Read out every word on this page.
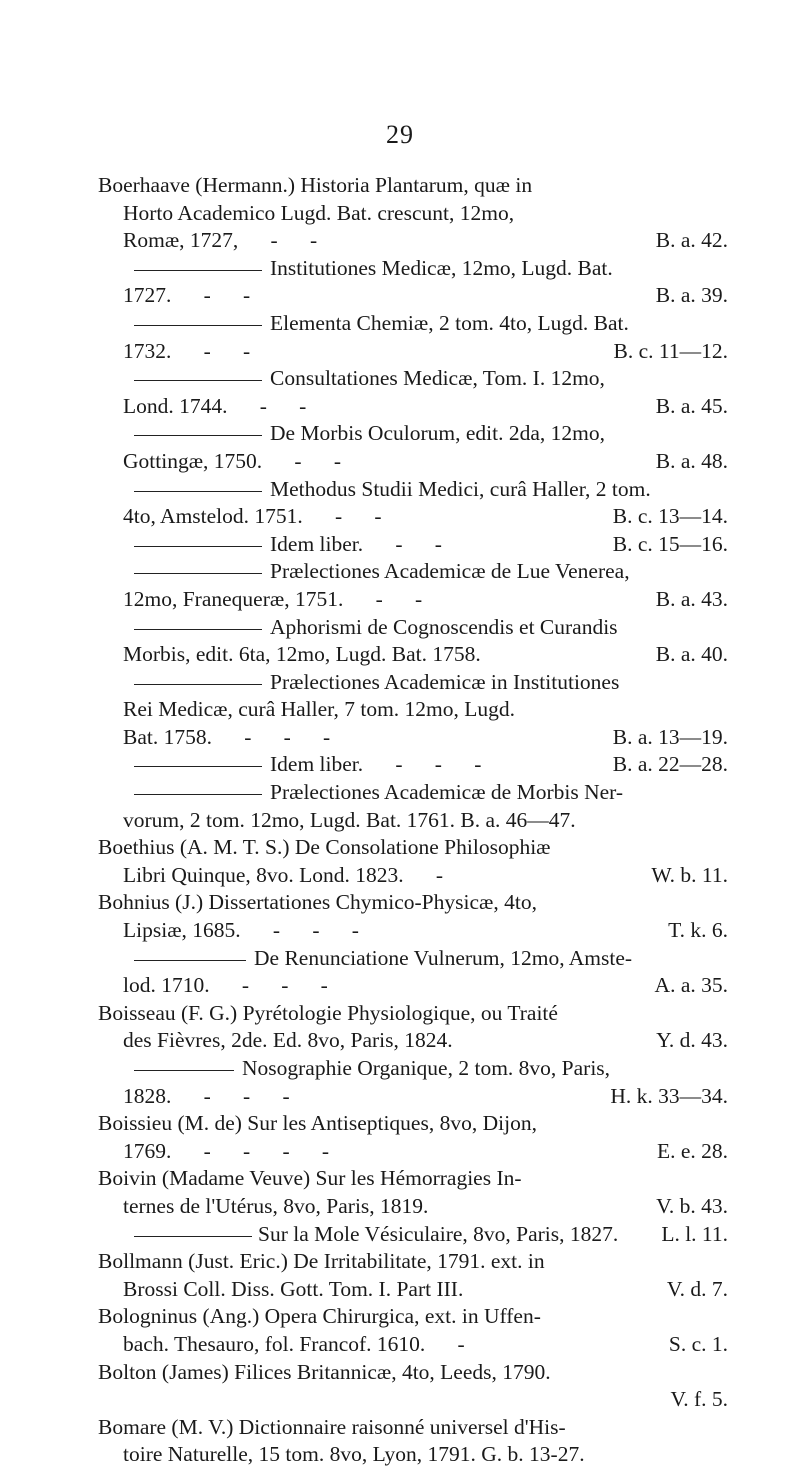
29
Boerhaave (Hermann.) Historia Plantarum, quæ in
Horto Academico Lugd. Bat. crescunt, 12mo,
Romæ, 1727,      -      -	B. a. 42.
Institutiones Medicæ, 12mo, Lugd. Bat.
1727.      -      -	B. a. 39.
Elementa Chemiæ, 2 tom. 4to, Lugd. Bat.
1732.      -      -	B. c. 11—12.
Consultationes Medicæ, Tom. I. 12mo,
Lond. 1744.      -      -	B. a. 45.
De Morbis Oculorum, edit. 2da, 12mo,
Gottingæ, 1750.      -      -	B. a. 48.
Methodus Studii Medici, curâ Haller, 2 tom.
4to, Amstelod. 1751.      -      -	B. c. 13—14.
Idem liber.      -      -	B. c. 15—16.
Prælectiones Academicæ de Lue Venerea,
12mo, Franequeræ, 1751.      -      -	B. a. 43.
Aphorismi de Cognoscendis et Curandis
Morbis, edit. 6ta, 12mo, Lugd. Bat. 1758.	B. a. 40.
Prælectiones Academicæ in Institutiones
Rei Medicæ, curâ Haller, 7 tom. 12mo, Lugd.
Bat. 1758.      -      -      -	B. a. 13—19.
Idem liber.      -      -      -	B. a. 22—28.
Prælectiones Academicæ de Morbis Ner-
vorum, 2 tom. 12mo, Lugd. Bat. 1761. B. a. 46—47.
Boethius (A. M. T. S.) De Consolatione Philosophiæ
Libri Quinque, 8vo. Lond. 1823.      -	W. b. 11.
Bohnius (J.) Dissertationes Chymico-Physicæ, 4to,
Lipsiæ, 1685.      -      -      -	T. k. 6.
De Renunciatione Vulnerum, 12mo, Amste-
lod. 1710.      -      -      -	A. a. 35.
Boisseau (F. G.) Pyrétologie Physiologique, ou Traité
des Fièvres, 2de. Ed. 8vo, Paris, 1824.	Y. d. 43.
Nosographie Organique, 2 tom. 8vo, Paris,
1828.      -      -      -	H. k. 33—34.
Boissieu (M. de) Sur les Antiseptiques, 8vo, Dijon,
1769.      -      -      -      -	E. e. 28.
Boivin (Madame Veuve) Sur les Hémorragies In-
ternes de l'Utérus, 8vo, Paris, 1819.	V. b. 43.
Sur la Mole Vésiculaire, 8vo, Paris, 1827. L. l. 11.
Bollmann (Just. Eric.) De Irritabilitate, 1791. ext. in
Brossi Coll. Diss. Gott. Tom. I. Part III.	V. d. 7.
Bologninus (Ang.) Opera Chirurgica, ext. in Uffen-
bach. Thesauro, fol. Francof. 1610.      -	S. c. 1.
Bolton (James) Filices Britannicæ, 4to, Leeds, 1790.
V. f. 5.
Bomare (M. V.) Dictionnaire raisonné universel d'His-
toire Naturelle, 15 tom. 8vo, Lyon, 1791. G. b. 13-27.
